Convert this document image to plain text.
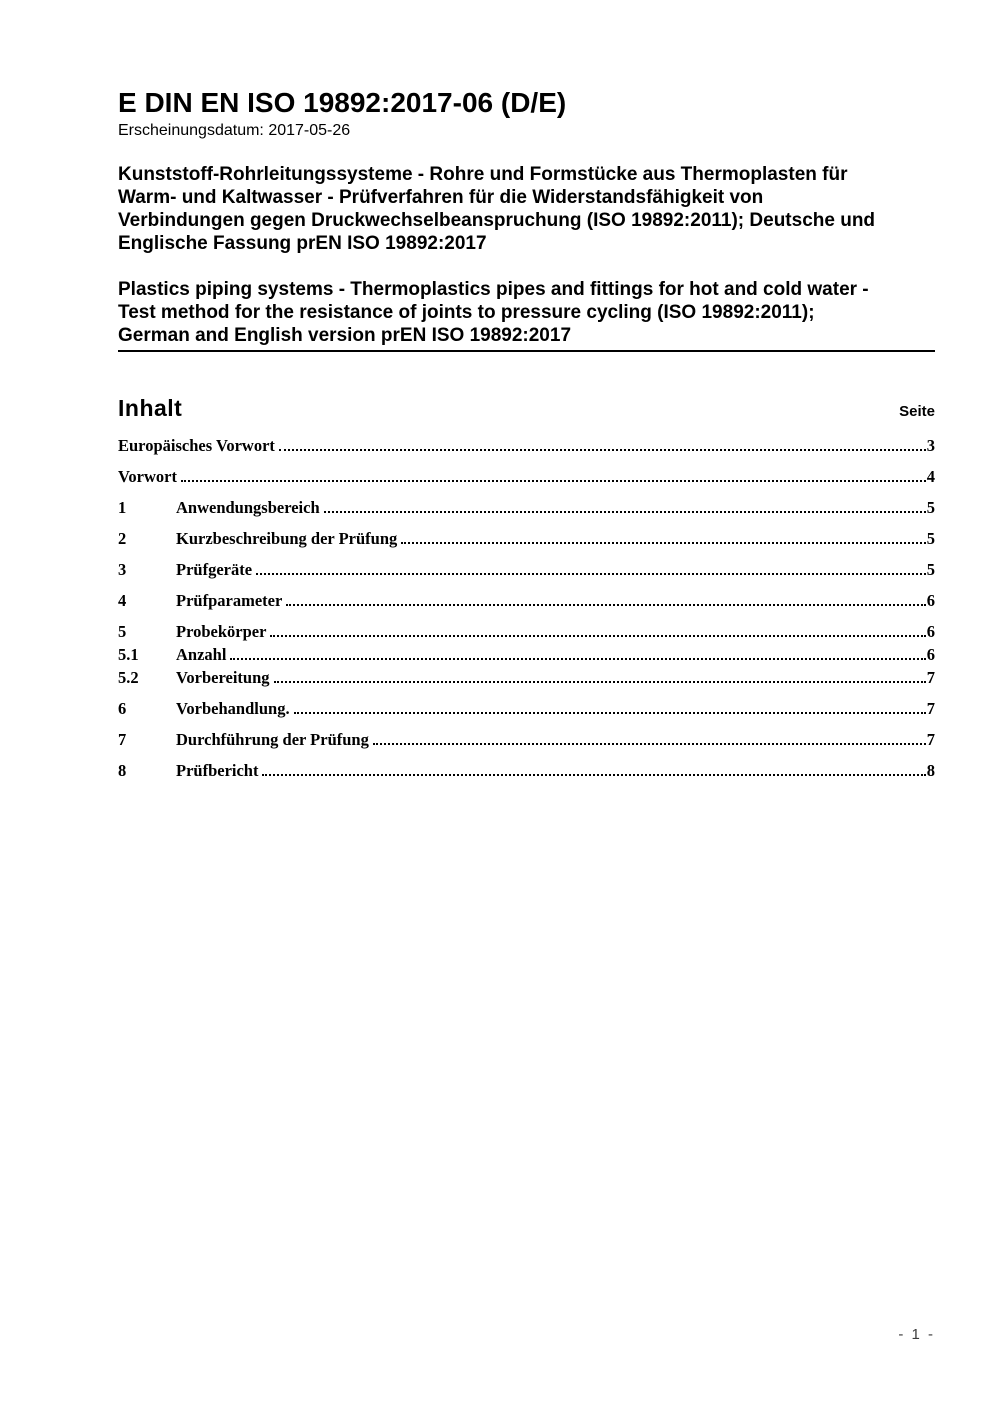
E DIN EN ISO 19892:2017-06 (D/E)
Erscheinungsdatum: 2017-05-26
Kunststoff-Rohrleitungssysteme - Rohre und Formstücke aus Thermoplasten für
Warm- und Kaltwasser - Prüfverfahren für die Widerstandsfähigkeit von
Verbindungen gegen Druckwechselbeanspruchung (ISO 19892:2011); Deutsche und
Englische Fassung prEN ISO 19892:2017
Plastics piping systems - Thermoplastics pipes and fittings for hot and cold water -
Test method for the resistance of joints to pressure cycling (ISO 19892:2011);
German and English version prEN ISO 19892:2017
Inhalt	Seite
Europäisches Vorwort	3
Vorwort	4
1	Anwendungsbereich	5
2	Kurzbeschreibung der Prüfung	5
3	Prüfgeräte	5
4	Prüfparameter	6
5	Probekörper	6
5.1	Anzahl	6
5.2	Vorbereitung	7
6	Vorbehandlung.	7
7	Durchführung der Prüfung	7
8	Prüfbericht	8
- 1 -
